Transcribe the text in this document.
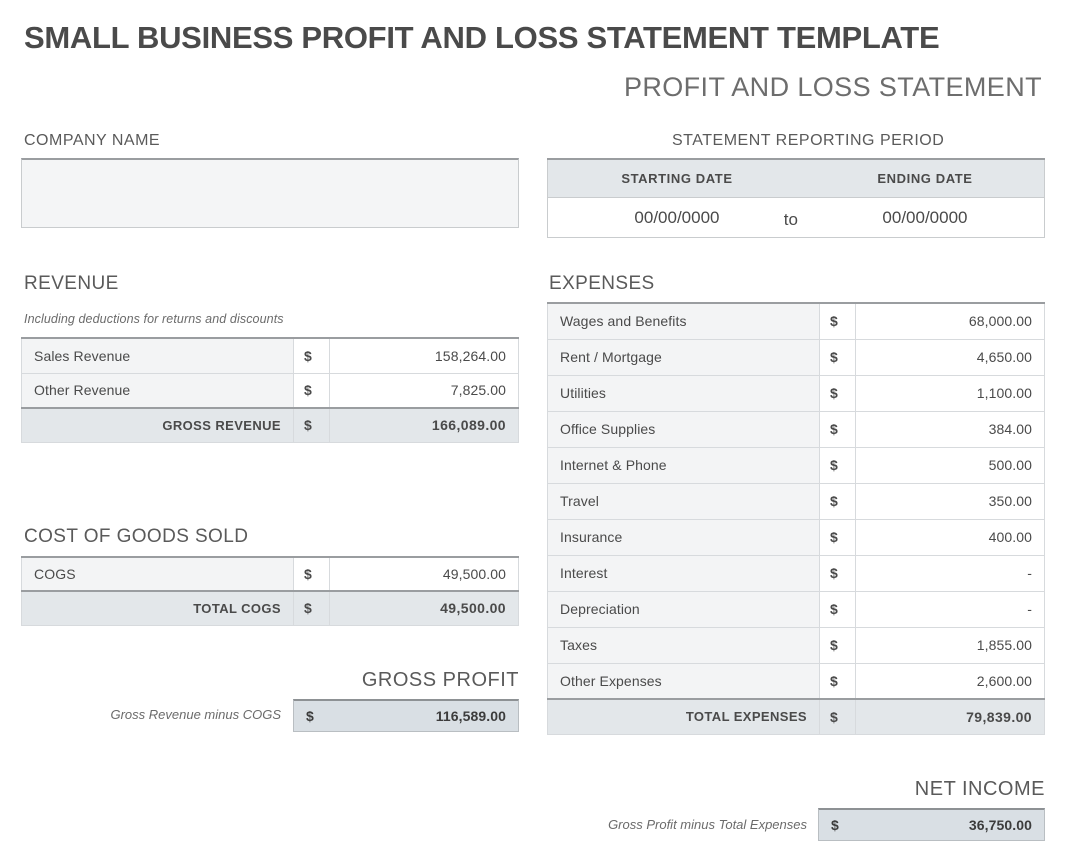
SMALL BUSINESS PROFIT AND LOSS STATEMENT TEMPLATE
PROFIT AND LOSS STATEMENT
COMPANY NAME	STATEMENT REPORTING PERIOD
STARTING DATE	ENDING DATE
00/00/0000 to	00/00/0000
REVENUE
Including deductions for returns and discounts
Sales Revenue	$	158,264.00
Other Revenue	$	7,825.00
GROSS REVENUE	$	166,089.00
COST OF GOODS SOLD
COGS	$	49,500.00
TOTAL COGS	$	49,500.00
GROSS PROFIT
Gross Revenue minus COGS	$	116,589.00
EXPENSES
Wages and Benefits	$	68,000.00
Rent / Mortgage	$	4,650.00
Utilities	$	1,100.00
Office Supplies	$	384.00
Internet & Phone	$	500.00
Travel	$	350.00
Insurance	$	400.00
Interest	$	-
Depreciation	$	-
Taxes	$	1,855.00
Other Expenses	$	2,600.00
TOTAL EXPENSES	$	79,839.00
NET INCOME
Gross Profit minus Total Expenses	$	36,750.00
